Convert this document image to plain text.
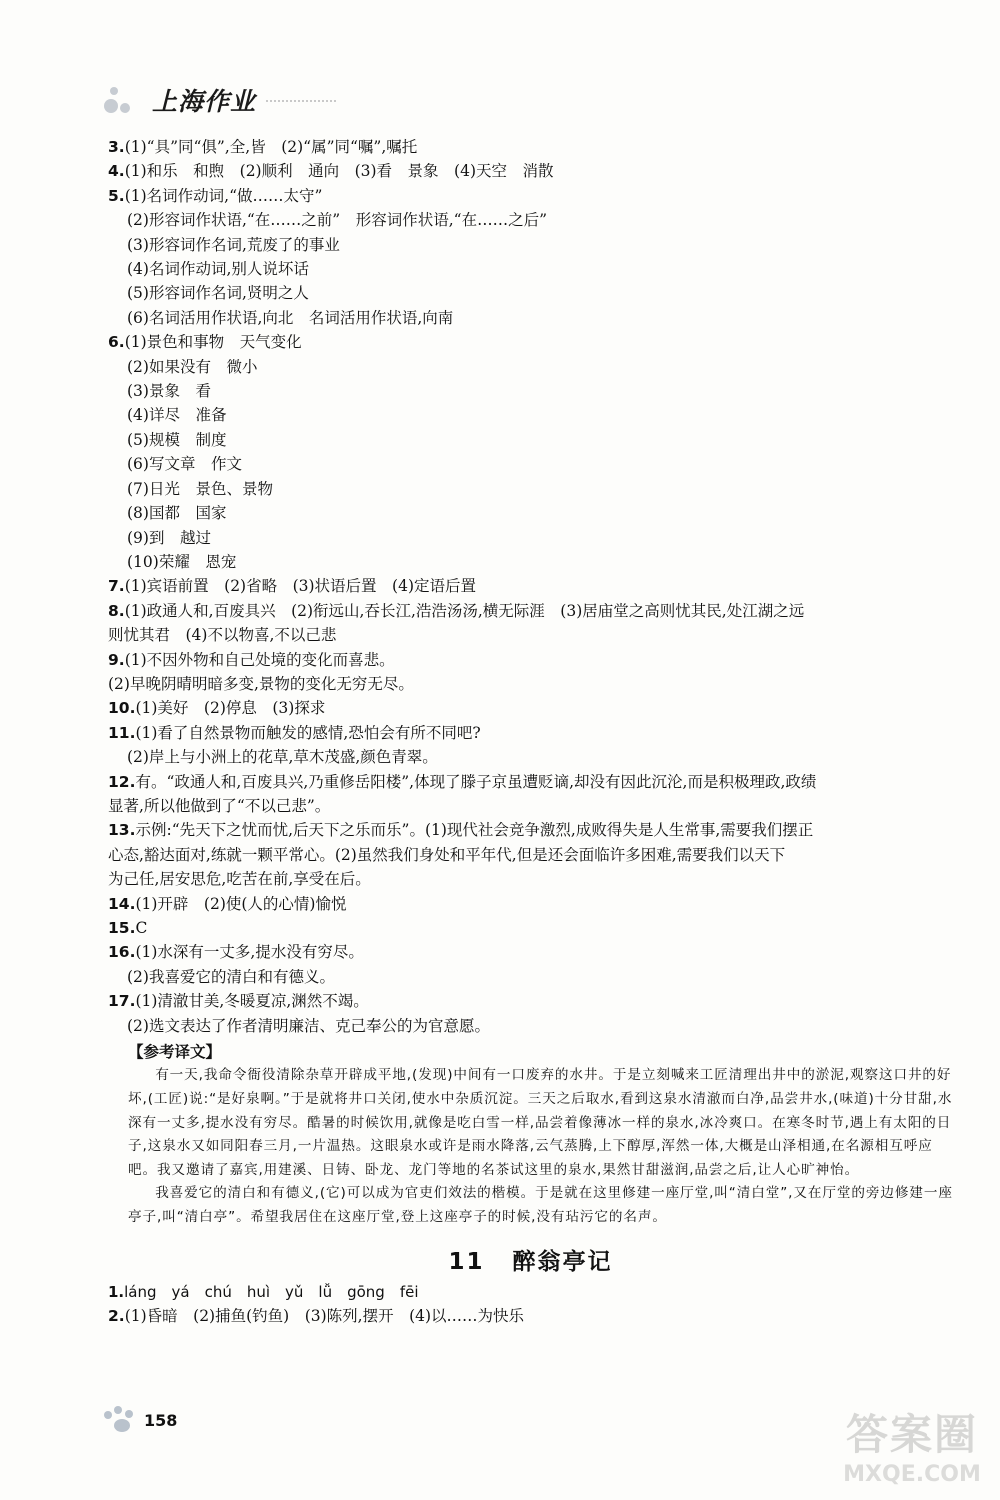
上海作业
3.(1)“具”同“俱”,全,皆　(2)“属”同“嘱”,嘱托
4.(1)和乐　和煦　(2)顺利　通向　(3)看　景象　(4)天空　消散
5.(1)名词作动词,“做……太守”
(2)形容词作状语,“在……之前”　形容词作状语,“在……之后”
(3)形容词作名词,荒废了的事业
(4)名词作动词,别人说坏话
(5)形容词作名词,贤明之人
(6)名词活用作状语,向北　名词活用作状语,向南
6.(1)景色和事物　天气变化
(2)如果没有　微小
(3)景象　看
(4)详尽　准备
(5)规模　制度
(6)写文章　作文
(7)日光　景色、景物
(8)国都　国家
(9)到　越过
(10)荣耀　恩宠
7.(1)宾语前置　(2)省略　(3)状语后置　(4)定语后置
8.(1)政通人和,百废具兴　(2)衔远山,吞长江,浩浩汤汤,横无际涯　(3)居庙堂之高则忧其民,处江湖之远
则忧其君　(4)不以物喜,不以己悲
9.(1)不因外物和自己处境的变化而喜悲。
(2)早晚阴晴明暗多变,景物的变化无穷无尽。
10.(1)美好　(2)停息　(3)探求
11.(1)看了自然景物而触发的感情,恐怕会有所不同吧?
(2)岸上与小洲上的花草,草木茂盛,颜色青翠。
12.有。“政通人和,百废具兴,乃重修岳阳楼”,体现了滕子京虽遭贬谪,却没有因此沉沦,而是积极理政,政绩
显著,所以他做到了“不以己悲”。
13.示例:“先天下之忧而忧,后天下之乐而乐”。(1)现代社会竞争激烈,成败得失是人生常事,需要我们摆正
心态,豁达面对,练就一颗平常心。(2)虽然我们身处和平年代,但是还会面临许多困难,需要我们以天下
为己任,居安思危,吃苦在前,享受在后。
14.(1)开辟　(2)使(人的心情)愉悦
15.C
16.(1)水深有一丈多,提水没有穷尽。
(2)我喜爱它的清白和有德义。
17.(1)清澈甘美,冬暖夏凉,渊然不竭。
(2)选文表达了作者清明廉洁、克己奉公的为官意愿。
【参考译文】

有一天,我命令衙役清除杂草开辟成平地,(发现)中间有一口废弃的水井。于是立刻喊来工匠清理出井中的淤泥,观察这口井的好坏,(工匠)说:“是好泉啊。”于是就将井口关闭,使水中杂质沉淀。三天之后取水,看到这泉水清澈而白净,品尝井水,(味道)十分甘甜,水深有一丈多,提水没有穷尽。酷暑的时候饮用,就像是吃白雪一样,品尝着像薄冰一样的泉水,冰冷爽口。在寒冬时节,遇上有太阳的日子,这泉水又如同阳春三月,一片温热。这眼泉水或许是雨水降落,云气蒸腾,上下醇厚,浑然一体,大概是山泽相通,在名源相互呼应吧。我又邀请了嘉宾,用建溪、日铸、卧龙、龙门等地的名茶试这里的泉水,果然甘甜滋润,品尝之后,让人心旷神怡。

我喜爱它的清白和有德义,(它)可以成为官吏们效法的楷模。于是就在这里修建一座厅堂,叫“清白堂”,又在厅堂的旁边修建一座亭子,叫“清白亭”。希望我居住在这座厅堂,登上这座亭子的时候,没有玷污它的名声。

11 醉翁亭记
1.láng　yá　chú　huì　yǔ　lǚ　gōng　fēi
2.(1)昏暗　(2)捕鱼(钓鱼)　(3)陈列,摆开　(4)以……为快乐
158	答案圈
MXQE.COM
